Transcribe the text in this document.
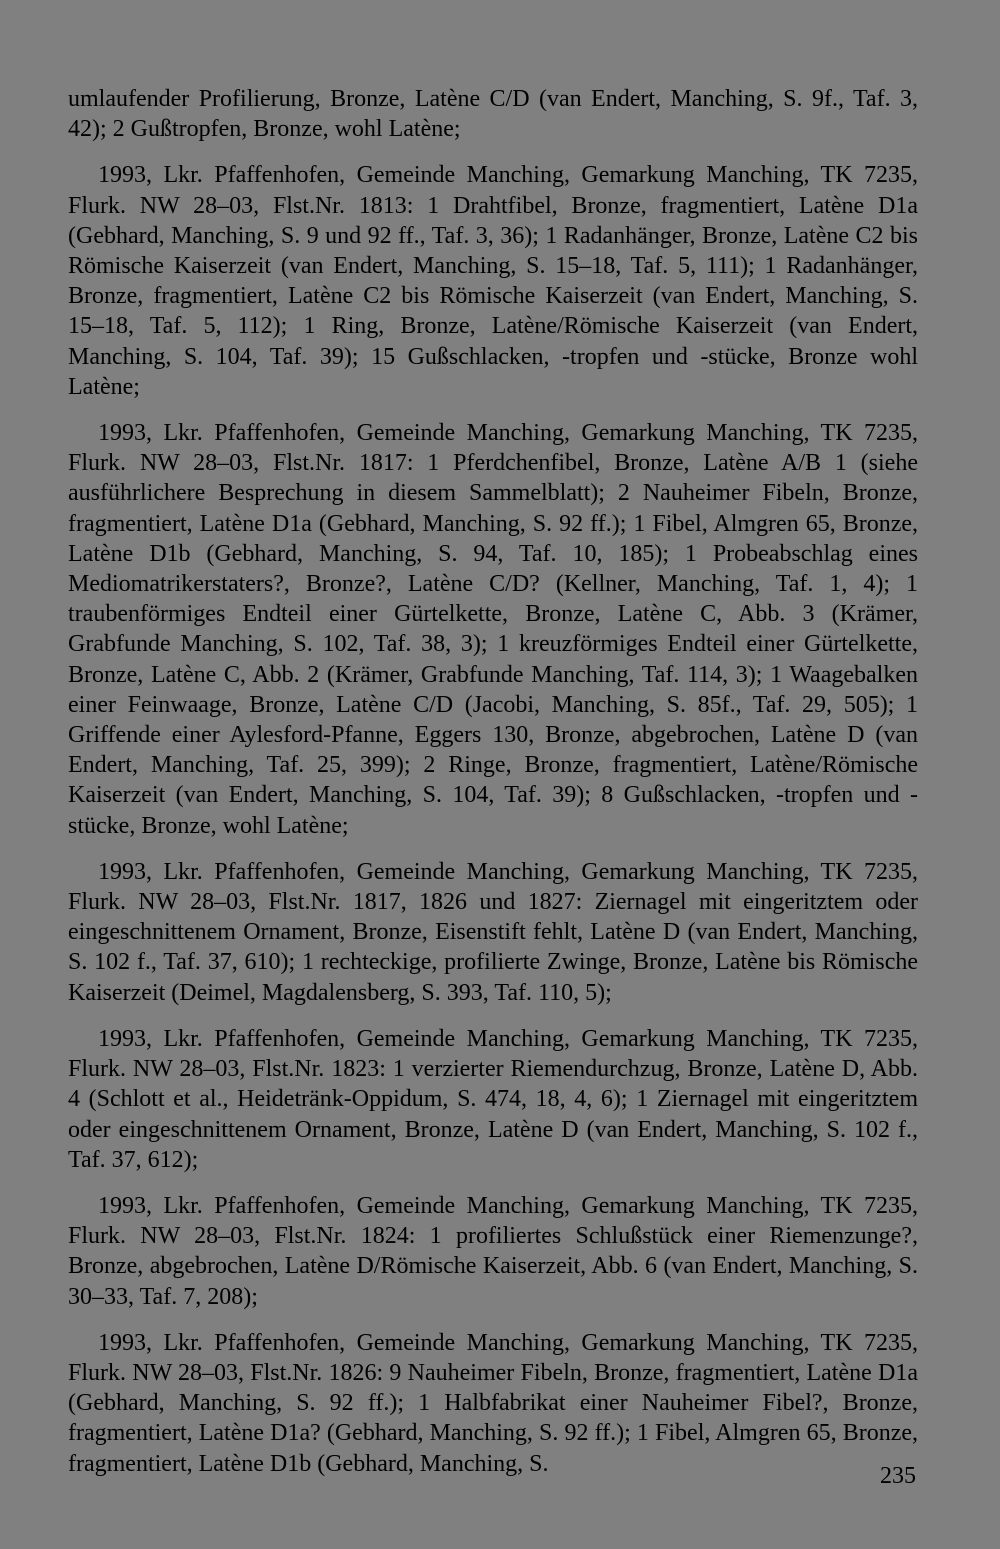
umlaufender Profilierung, Bronze, Latène C/D (van Endert, Manching, S. 9f., Taf. 3, 42); 2 Gußtropfen, Bronze, wohl Latène;

1993, Lkr. Pfaffenhofen, Gemeinde Manching, Gemarkung Manching, TK 7235, Flurk. NW 28–03, Flst.Nr. 1813: 1 Drahtfibel, Bronze, fragmentiert, Latène D1a (Gebhard, Manching, S. 9 und 92 ff., Taf. 3, 36); 1 Radanhänger, Bronze, Latène C2 bis Römische Kaiserzeit (van Endert, Manching, S. 15–18, Taf. 5, 111); 1 Radanhänger, Bronze, fragmentiert, Latène C2 bis Römische Kaiserzeit (van Endert, Manching, S. 15–18, Taf. 5, 112); 1 Ring, Bronze, Latène/Römische Kaiserzeit (van Endert, Manching, S. 104, Taf. 39); 15 Gußschlacken, -tropfen und -stücke, Bronze wohl Latène;

1993, Lkr. Pfaffenhofen, Gemeinde Manching, Gemarkung Manching, TK 7235, Flurk. NW 28–03, Flst.Nr. 1817: 1 Pferdchenfibel, Bronze, Latène A/B 1 (siehe ausführlichere Besprechung in diesem Sammelblatt); 2 Nauheimer Fibeln, Bronze, fragmentiert, Latène D1a (Gebhard, Manching, S. 92 ff.); 1 Fibel, Almgren 65, Bronze, Latène D1b (Gebhard, Manching, S. 94, Taf. 10, 185); 1 Probeabschlag eines Mediomatrikerstaters?, Bronze?, Latène C/D? (Kellner, Manching, Taf. 1, 4); 1 traubenförmiges Endteil einer Gürtelkette, Bronze, Latène C, Abb. 3 (Krämer, Grabfunde Manching, S. 102, Taf. 38, 3); 1 kreuzförmiges Endteil einer Gürtelkette, Bronze, Latène C, Abb. 2 (Krämer, Grabfunde Manching, Taf. 114, 3); 1 Waagebalken einer Feinwaage, Bronze, Latène C/D (Jacobi, Manching, S. 85f., Taf. 29, 505); 1 Griffende einer Aylesford-Pfanne, Eggers 130, Bronze, abgebrochen, Latène D (van Endert, Manching, Taf. 25, 399); 2 Ringe, Bronze, fragmentiert, Latène/Römische Kaiserzeit (van Endert, Manching, S. 104, Taf. 39); 8 Gußschlacken, -tropfen und -stücke, Bronze, wohl Latène;

1993, Lkr. Pfaffenhofen, Gemeinde Manching, Gemarkung Manching, TK 7235, Flurk. NW 28–03, Flst.Nr. 1817, 1826 und 1827: Ziernagel mit eingeritztem oder eingeschnittenem Ornament, Bronze, Eisenstift fehlt, Latène D (van Endert, Manching, S. 102 f., Taf. 37, 610); 1 rechteckige, profilierte Zwinge, Bronze, Latène bis Römische Kaiserzeit (Deimel, Magdalensberg, S. 393, Taf. 110, 5);

1993, Lkr. Pfaffenhofen, Gemeinde Manching, Gemarkung Manching, TK 7235, Flurk. NW 28–03, Flst.Nr. 1823: 1 verzierter Riemendurchzug, Bronze, Latène D, Abb. 4 (Schlott et al., Heidetränk-Oppidum, S. 474, 18, 4, 6); 1 Ziernagel mit eingeritztem oder eingeschnittenem Ornament, Bronze, Latène D (van Endert, Manching, S. 102 f., Taf. 37, 612);

1993, Lkr. Pfaffenhofen, Gemeinde Manching, Gemarkung Manching, TK 7235, Flurk. NW 28–03, Flst.Nr. 1824: 1 profiliertes Schlußstück einer Riemenzunge?, Bronze, abgebrochen, Latène D/Römische Kaiserzeit, Abb. 6 (van Endert, Manching, S. 30–33, Taf. 7, 208);

1993, Lkr. Pfaffenhofen, Gemeinde Manching, Gemarkung Manching, TK 7235, Flurk. NW 28–03, Flst.Nr. 1826: 9 Nauheimer Fibeln, Bronze, fragmentiert, Latène D1a (Gebhard, Manching, S. 92 ff.); 1 Halbfabrikat einer Nauheimer Fibel?, Bronze, fragmentiert, Latène D1a? (Gebhard, Manching, S. 92 ff.); 1 Fibel, Almgren 65, Bronze, fragmentiert, Latène D1b (Gebhard, Manching, S.	235
